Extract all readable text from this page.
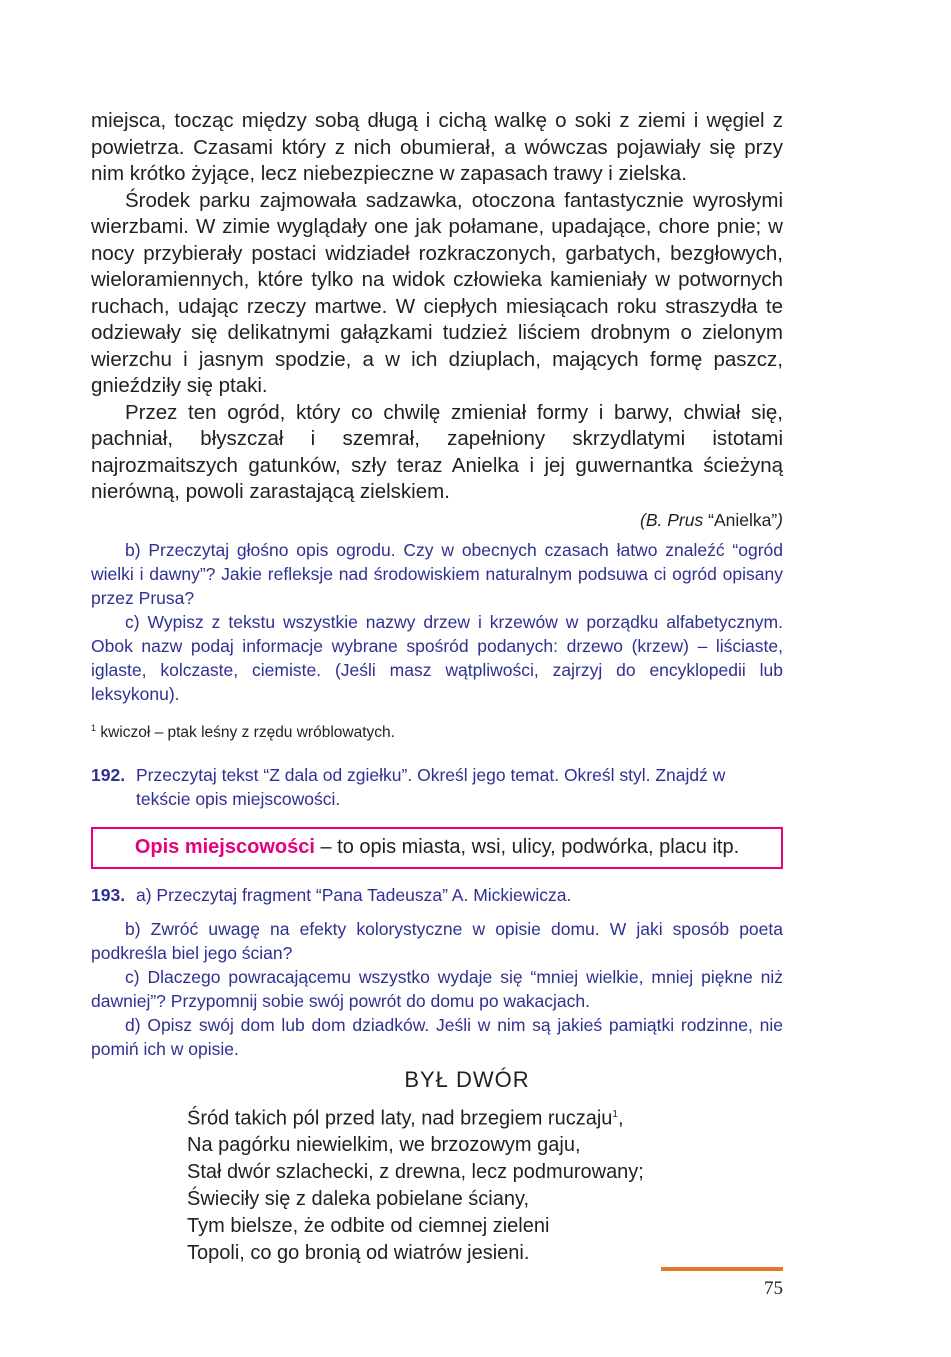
miejsca, tocząc między sobą długą i cichą walkę o soki z ziemi i węgiel z powietrza. Czasami który z nich obumierał, a wówczas pojawiały się przy nim krótko żyjące, lecz niebezpieczne w zapasach trawy i zielska.

Środek parku zajmowała sadzawka, otoczona fantastycznie wyrosłymi wierzbami. W zimie wyglądały one jak połamane, upadające, chore pnie; w nocy przybierały postaci widziadeł rozkraczonych, garbatych, bezgłowych, wieloramiennych, które tylko na widok człowieka kamieniały w potwornych ruchach, udając rzeczy martwe. W ciepłych miesiącach roku straszydła te odziewały się delikatnymi gałązkami tudzież liściem drobnym o zielonym wierzchu i jasnym spodzie, a w ich dziuplach, mających formę paszcz, gnieździły się ptaki.

Przez ten ogród, który co chwilę zmieniał formy i barwy, chwiał się, pachniał, błyszczał i szemrał, zapełniony skrzydlatymi istotami najrozmaitszych gatunków, szły teraz Anielka i jej guwernantka ścieżyną nierówną, powoli zarastającą zielskiem.

(B. Prus “Anielka”)

b) Przeczytaj głośno opis ogrodu. Czy w obecnych czasach łatwo znaleźć “ogród wielki i dawny”? Jakie refleksje nad środowiskiem naturalnym podsuwa ci ogród opisany przez Prusa?

c) Wypisz z tekstu wszystkie nazwy drzew i krzewów w porządku alfabetycznym. Obok nazw podaj informacje wybrane spośród podanych: drzewo (krzew) – liściaste, iglaste, kolczaste, ciemiste. (Jeśli masz wątpliwości, zajrzyj do encyklopedii lub leksykonu).

$^1$ kwiczoł – ptak leśny z rzędu wróblowatych.
192. Przeczytaj tekst “Z dala od zgiełku”. Określ jego temat. Określ styl. Znajdź w tekście opis miejscowości.
Opis miejscowości – to opis miasta, wsi, ulicy, podwórka, placu itp.
193. a) Przeczytaj fragment “Pana Tadeusza” A. Mickiewicza.

b) Zwróć uwagę na efekty kolorystyczne w opisie domu. W jaki sposób poeta podkreśla biel jego ścian?

c) Dlaczego powracającemu wszystko wydaje się “mniej wielkie, mniej piękne niż dawniej”? Przypomnij sobie swój powrót do domu po wakacjach.

d) Opisz swój dom lub dom dziadków. Jeśli w nim są jakieś pamiątki rodzinne, nie pomiń ich w opisie.

BYŁ DWÓR
Śród takich pól przed laty, nad brzegiem ruczaju$^1$,
Na pagórku niewielkim, we brzozowym gaju,
Stał dwór szlachecki, z drewna, lecz podmurowany;
Świeciły się z daleka pobielane ściany,
Tym bielsze, że odbite od ciemnej zieleni
Topoli, co go bronią od wiatrów jesieni.
75
